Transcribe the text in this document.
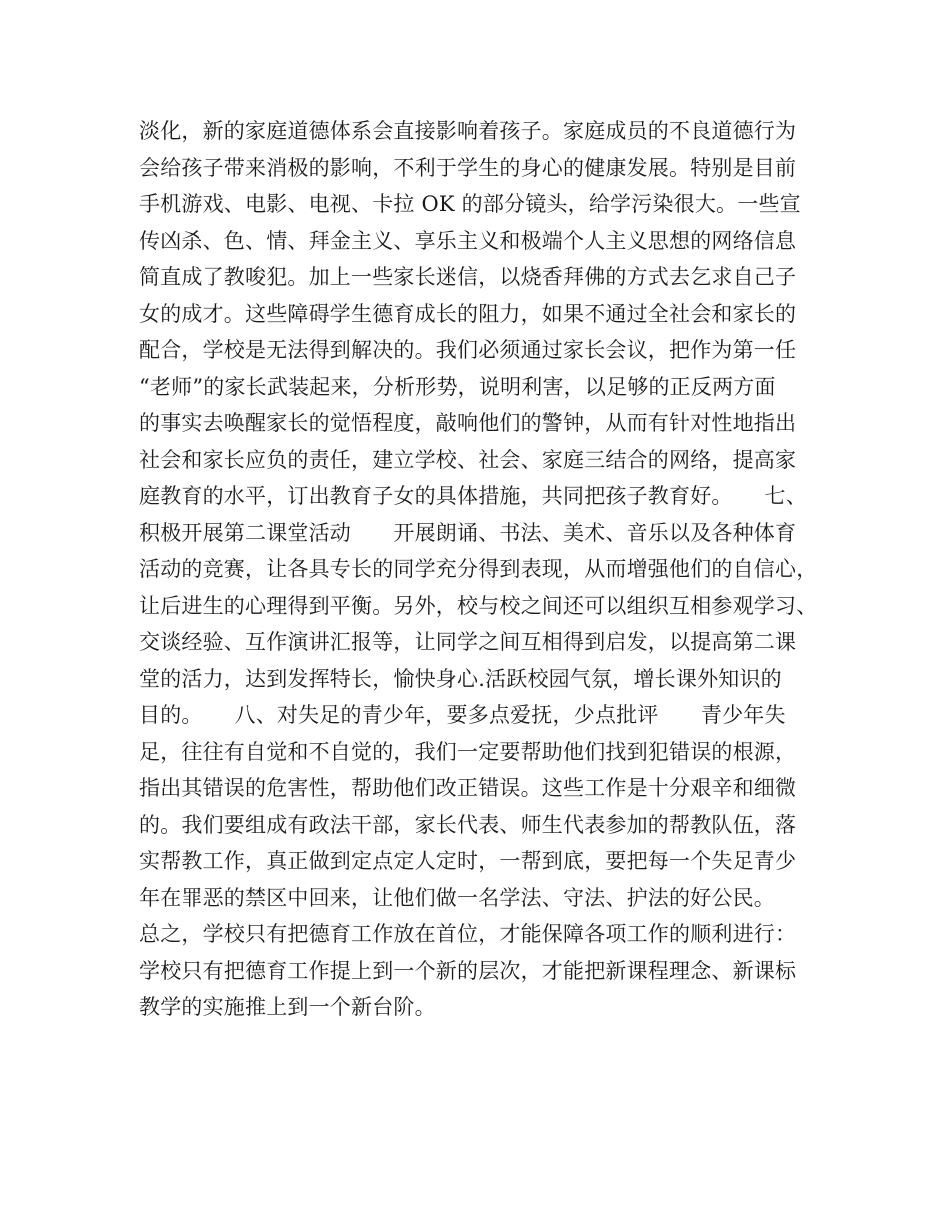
淡化，新的家庭道德体系会直接影响着孩子。家庭成员的不良道德行为
会给孩子带来消极的影响，不利于学生的身心的健康发展。特别是目前
手机游戏、电影、电视、卡拉 OK 的部分镜头，给学污染很大。一些宣
传凶杀、色、情、拜金主义、享乐主义和极端个人主义思想的网络信息
简直成了教唆犯。加上一些家长迷信，以烧香拜佛的方式去乞求自己子
女的成才。这些障碍学生德育成长的阻力，如果不通过全社会和家长的
配合，学校是无法得到解决的。我们必须通过家长会议，把作为第一任
“老师”的家长武装起来，分析形势，说明利害，以足够的正反两方面
的事实去唤醒家长的觉悟程度，敲响他们的警钟，从而有针对性地指出
社会和家长应负的责任，建立学校、社会、家庭三结合的网络，提高家
庭教育的水平，订出教育子女的具体措施，共同把孩子教育好。　　七、
积极开展第二课堂活动　　开展朗诵、书法、美术、音乐以及各种体育
活动的竞赛，让各具专长的同学充分得到表现，从而增强他们的自信心，
让后进生的心理得到平衡。另外，校与校之间还可以组织互相参观学习、
交谈经验、互作演讲汇报等，让同学之间互相得到启发，以提高第二课
堂的活力，达到发挥特长，愉快身心.活跃校园气氛，增长课外知识的
目的。　　八、对失足的青少年，要多点爱抚，少点批评　　青少年失
足，往往有自觉和不自觉的，我们一定要帮助他们找到犯错误的根源，
指出其错误的危害性，帮助他们改正错误。这些工作是十分艰辛和细微
的。我们要组成有政法干部，家长代表、师生代表参加的帮教队伍，落
实帮教工作，真正做到定点定人定时，一帮到底，要把每一个失足青少
年在罪恶的禁区中回来，让他们做一名学法、守法、护法的好公民。
总之，学校只有把德育工作放在首位，才能保障各项工作的顺利进行：
学校只有把德育工作提上到一个新的层次，才能把新课程理念、新课标
教学的实施推上到一个新台阶。
